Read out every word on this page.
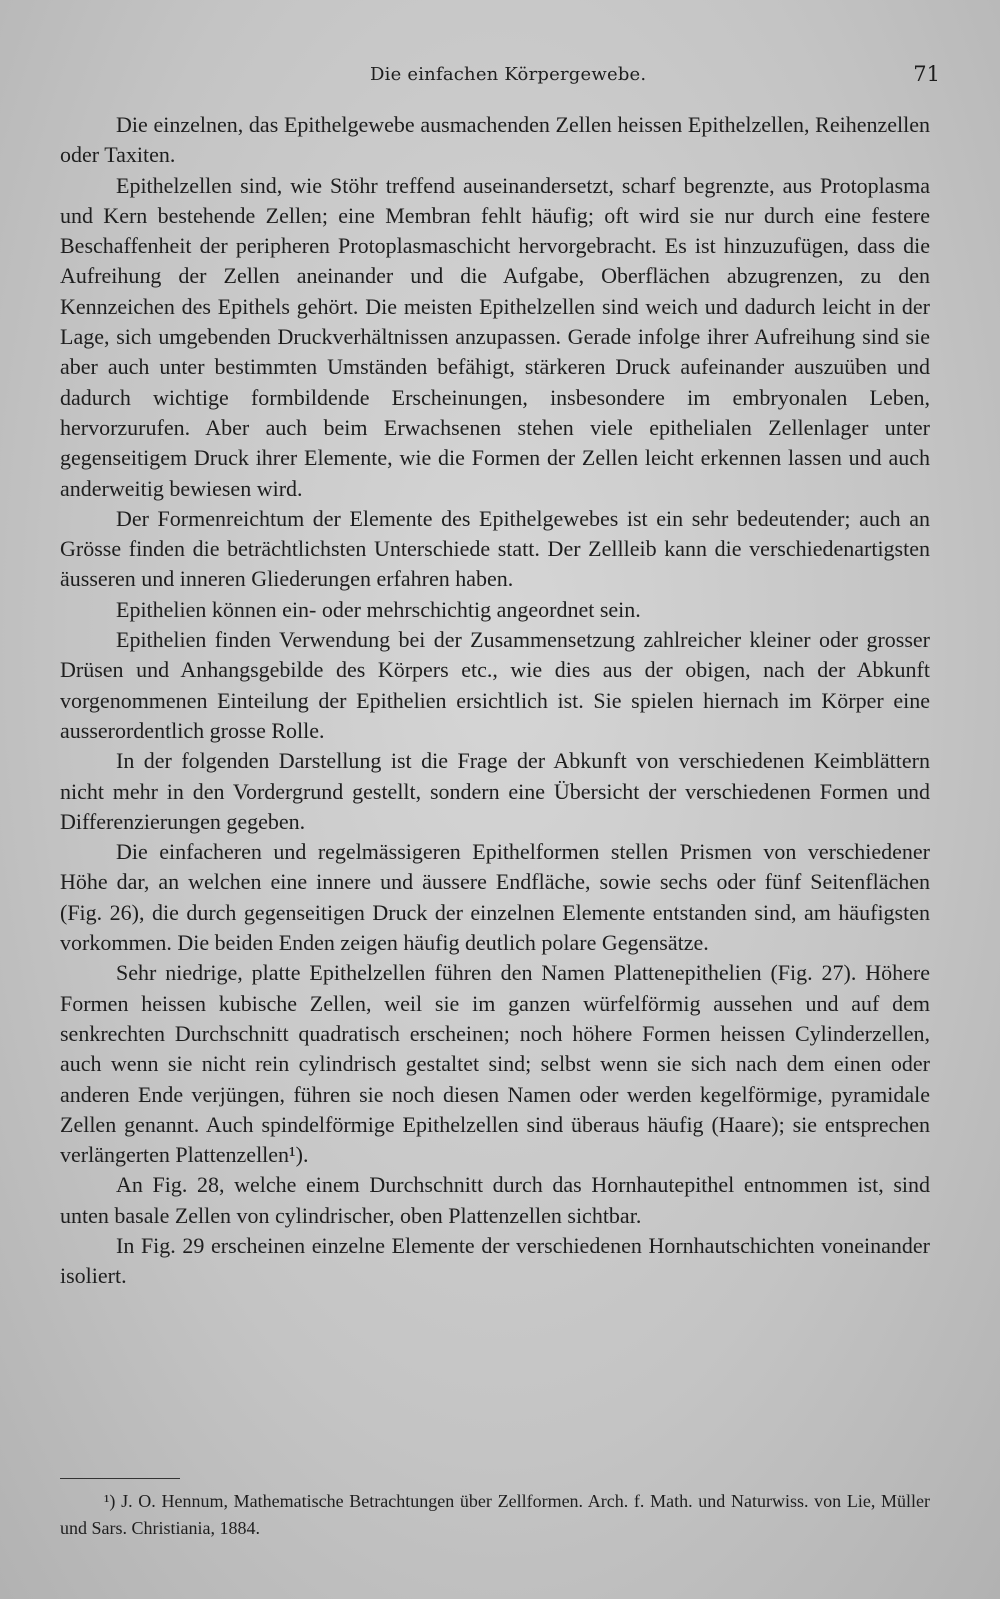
Die einfachen Körpergewebe.	71

Die einzelnen, das Epithelgewebe ausmachenden Zellen heissen Epithelzellen, Reihenzellen oder Taxiten.

Epithelzellen sind, wie Stöhr treffend auseinandersetzt, scharf begrenzte, aus Protoplasma und Kern bestehende Zellen; eine Membran fehlt häufig; oft wird sie nur durch eine festere Beschaffenheit der peripheren Protoplasmaschicht hervorgebracht. Es ist hinzuzufügen, dass die Aufreihung der Zellen aneinander und die Aufgabe, Oberflächen abzugrenzen, zu den Kennzeichen des Epithels gehört. Die meisten Epithelzellen sind weich und dadurch leicht in der Lage, sich umgebenden Druckverhältnissen anzupassen. Gerade infolge ihrer Aufreihung sind sie aber auch unter bestimmten Umständen befähigt, stärkeren Druck aufeinander auszuüben und dadurch wichtige formbildende Erscheinungen, insbesondere im embryonalen Leben, hervorzurufen. Aber auch beim Erwachsenen stehen viele epithelialen Zellenlager unter gegenseitigem Druck ihrer Elemente, wie die Formen der Zellen leicht erkennen lassen und auch anderweitig bewiesen wird.

Der Formenreichtum der Elemente des Epithelgewebes ist ein sehr bedeutender; auch an Grösse finden die beträchtlichsten Unterschiede statt. Der Zellleib kann die verschiedenartigsten äusseren und inneren Gliederungen erfahren haben.

Epithelien können ein- oder mehrschichtig angeordnet sein.

Epithelien finden Verwendung bei der Zusammensetzung zahlreicher kleiner oder grosser Drüsen und Anhangsgebilde des Körpers etc., wie dies aus der obigen, nach der Abkunft vorgenommenen Einteilung der Epithelien ersichtlich ist. Sie spielen hiernach im Körper eine ausserordentlich grosse Rolle.

In der folgenden Darstellung ist die Frage der Abkunft von verschiedenen Keimblättern nicht mehr in den Vordergrund gestellt, sondern eine Übersicht der verschiedenen Formen und Differenzierungen gegeben.

Die einfacheren und regelmässigeren Epithelformen stellen Prismen von verschiedener Höhe dar, an welchen eine innere und äussere Endfläche, sowie sechs oder fünf Seitenflächen (Fig. 26), die durch gegenseitigen Druck der einzelnen Elemente entstanden sind, am häufigsten vorkommen. Die beiden Enden zeigen häufig deutlich polare Gegensätze.

Sehr niedrige, platte Epithelzellen führen den Namen Plattenepithelien (Fig. 27). Höhere Formen heissen kubische Zellen, weil sie im ganzen würfelförmig aussehen und auf dem senkrechten Durchschnitt quadratisch erscheinen; noch höhere Formen heissen Cylinderzellen, auch wenn sie nicht rein cylindrisch gestaltet sind; selbst wenn sie sich nach dem einen oder anderen Ende verjüngen, führen sie noch diesen Namen oder werden kegelförmige, pyramidale Zellen genannt. Auch spindelförmige Epithelzellen sind überaus häufig (Haare); sie entsprechen verlängerten Plattenzellen¹).

An Fig. 28, welche einem Durchschnitt durch das Hornhautepithel entnommen ist, sind unten basale Zellen von cylindrischer, oben Plattenzellen sichtbar.

In Fig. 29 erscheinen einzelne Elemente der verschiedenen Hornhautschichten voneinander isoliert.

¹) J. O. Hennum, Mathematische Betrachtungen über Zellformen. Arch. f. Math. und Naturwiss. von Lie, Müller und Sars. Christiania, 1884.
